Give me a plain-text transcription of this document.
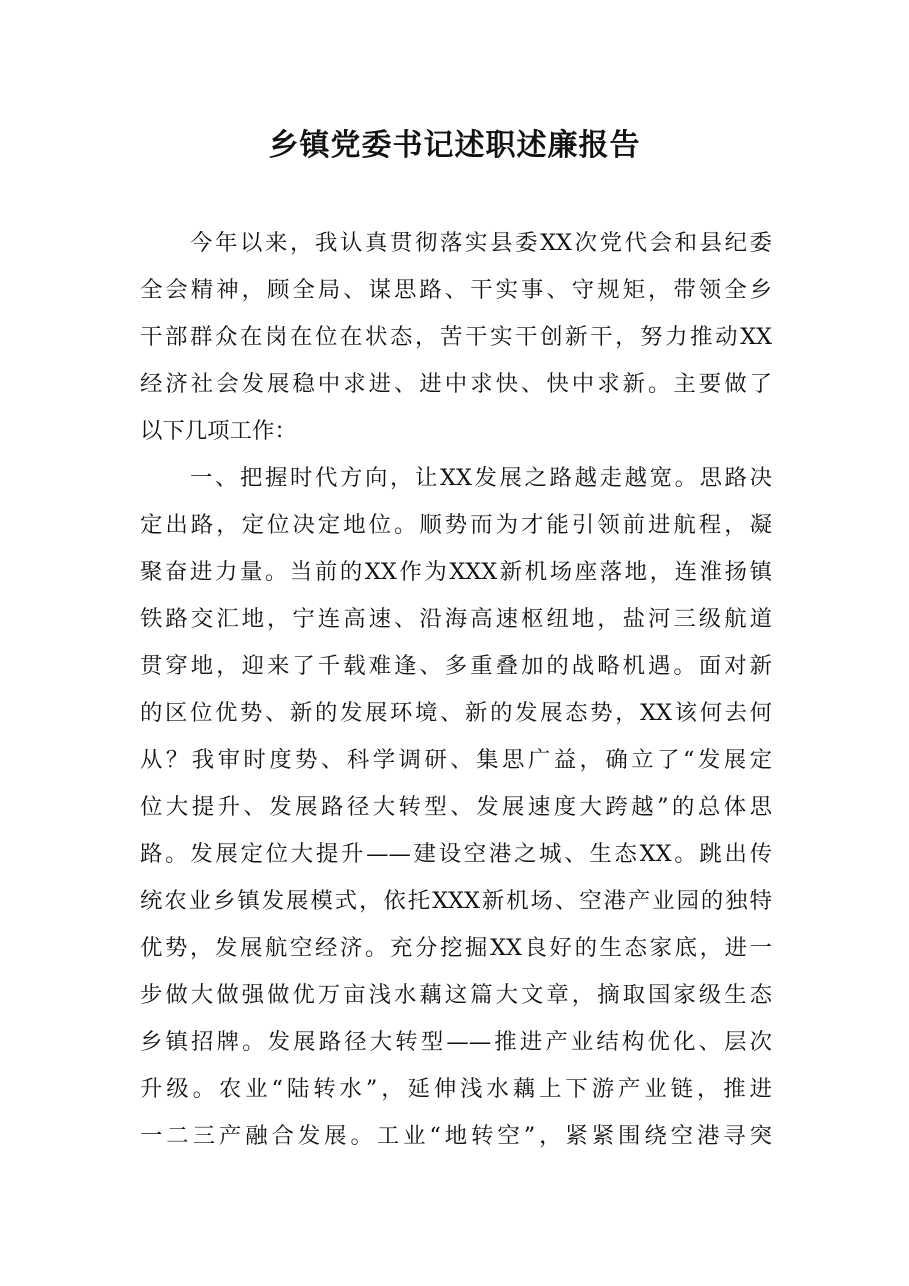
乡镇党委书记述职述廉报告
　　今年以来，我认真贯彻落实县委XX次党代会和县纪委
全会精神，顾全局、谋思路、干实事、守规矩，带领全乡
干部群众在岗在位在状态，苦干实干创新干，努力推动XX
经济社会发展稳中求进、进中求快、快中求新。主要做了
以下几项工作：
　　一、把握时代方向，让XX发展之路越走越宽。思路决
定出路，定位决定地位。顺势而为才能引领前进航程，凝
聚奋进力量。当前的XX作为XXX新机场座落地，连淮扬镇
铁路交汇地，宁连高速、沿海高速枢纽地，盐河三级航道
贯穿地，迎来了千载难逢、多重叠加的战略机遇。面对新
的区位优势、新的发展环境、新的发展态势，XX该何去何
从？我审时度势、科学调研、集思广益，确立了“发展定
位大提升、发展路径大转型、发展速度大跨越”的总体思
路。发展定位大提升——建设空港之城、生态XX。跳出传
统农业乡镇发展模式，依托XXX新机场、空港产业园的独特
优势，发展航空经济。充分挖掘XX良好的生态家底，进一
步做大做强做优万亩浅水藕这篇大文章，摘取国家级生态
乡镇招牌。发展路径大转型——推进产业结构优化、层次
升级。农业“陆转水”，延伸浅水藕上下游产业链，推进
一二三产融合发展。工业“地转空”，紧紧围绕空港寻突
